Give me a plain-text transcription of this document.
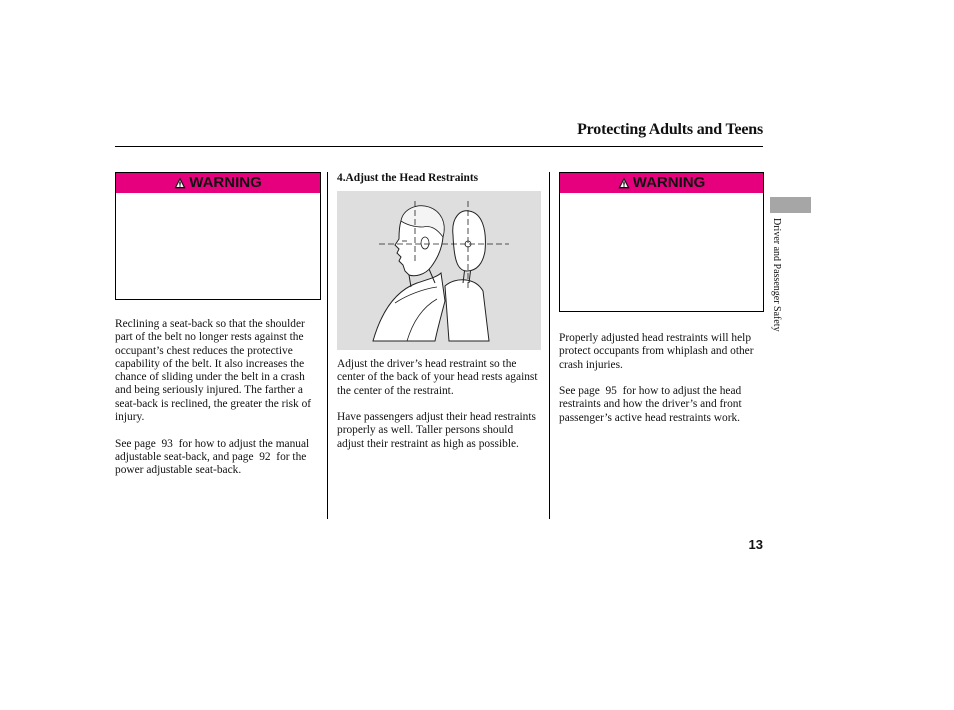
Protecting Adults and Teens
WARNING

Reclining a seat-back so that the shoulder part of the belt no longer rests against the occupant’s chest reduces the protective capability of the belt. It also increases the chance of sliding under the belt in a crash and being seriously injured. The farther a seat-back is reclined, the greater the risk of injury.

See page  93  for how to adjust the manual adjustable seat-back, and page  92  for the power adjustable seat-back.

4.Adjust the Head Restraints

Adjust the driver’s head restraint so the center of the back of your head rests against the center of the restraint.

Have passengers adjust their head restraints properly as well. Taller persons should adjust their restraint as high as possible.

WARNING

Properly adjusted head restraints will help protect occupants from whiplash and other crash injuries.

See page  95  for how to adjust the head restraints and how the driver’s and front passenger’s active head restraints work.

Driver and Passenger Safety
13
